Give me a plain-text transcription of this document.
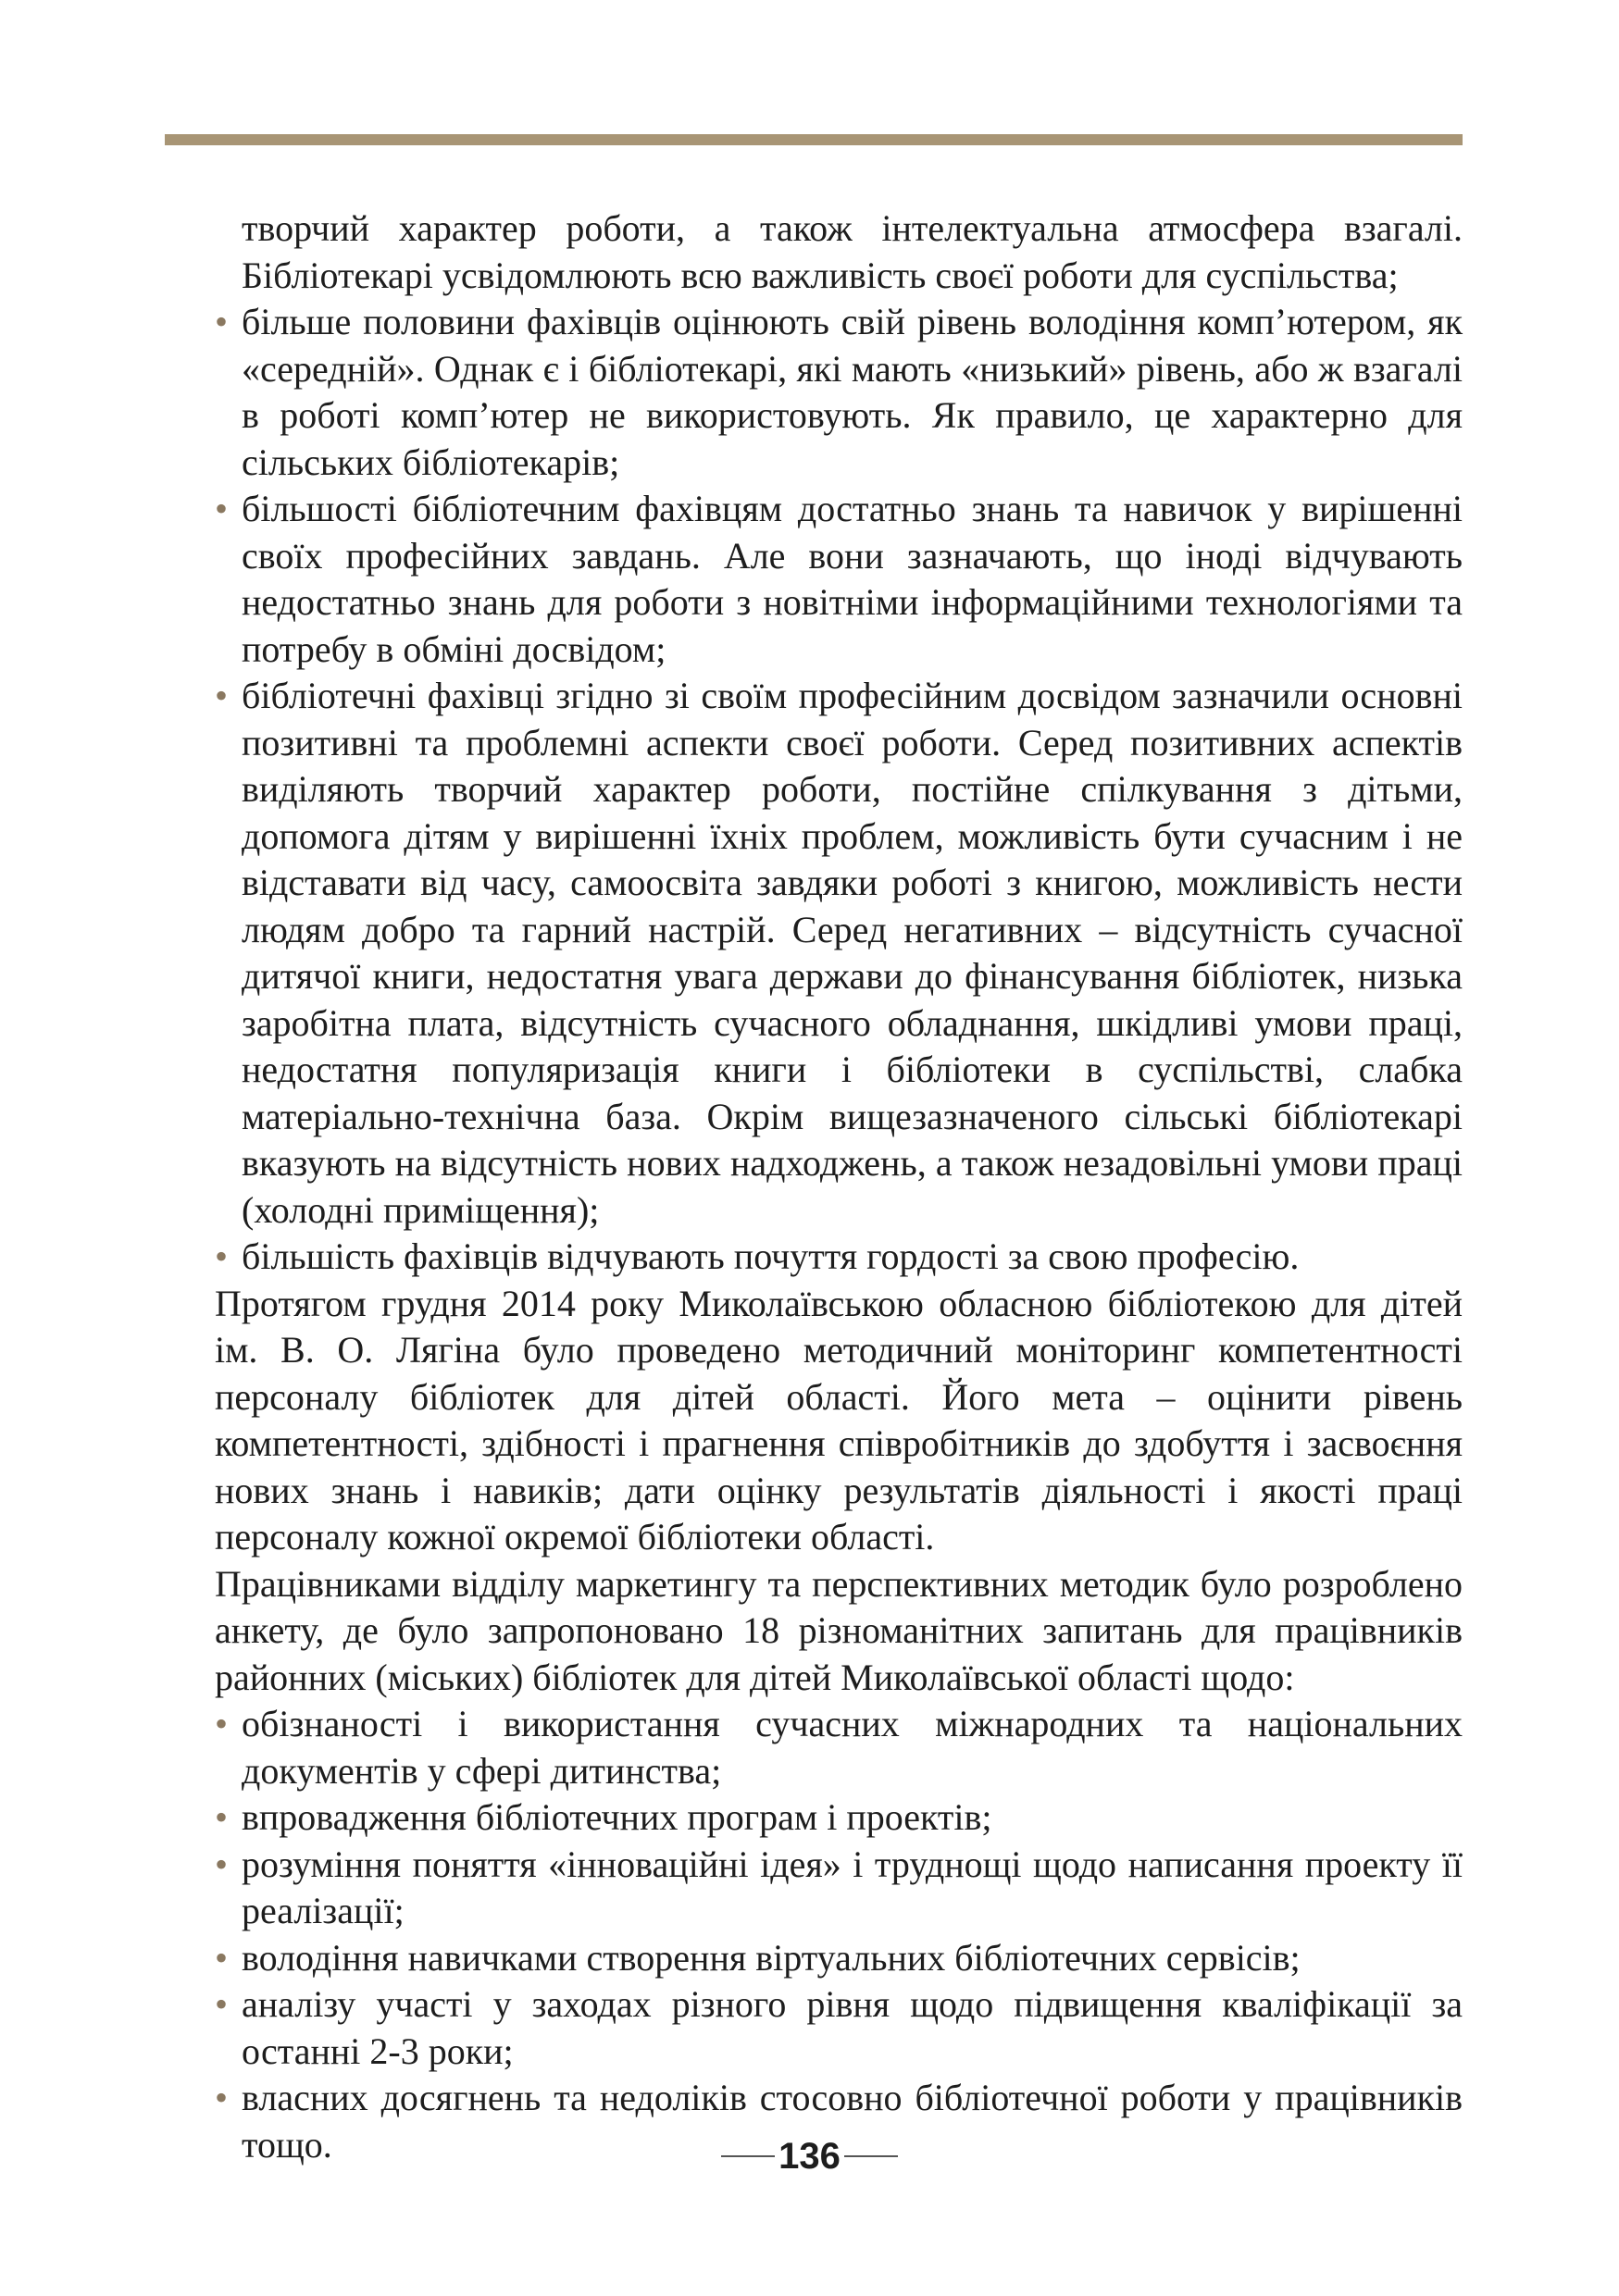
творчий характер роботи, а також інтелектуальна атмосфера взагалі. Бібліотекарі усвідомлюють всю важливість своєї роботи для суспільства;

• більше половини фахівців оцінюють свій рівень володіння комп’ютером, як «середній». Однак є і бібліотекарі, які мають «низький» рівень, або ж взагалі в роботі комп’ютер не використовують. Як правило, це характерно для сільських бібліотекарів;
• більшості бібліотечним фахівцям достатньо знань та навичок у вирішенні своїх професійних завдань. Але вони зазначають, що іноді відчувають недостатньо знань для роботи з новітніми інформаційними технологіями та потребу в обміні досвідом;
• бібліотечні фахівці згідно зі своїм професійним досвідом зазначили основні позитивні та проблемні аспекти своєї роботи. Серед позитивних аспектів виділяють творчий характер роботи, постійне спілкування з дітьми, допомога дітям у вирішенні їхніх проблем, можливість бути сучасним і не відставати від часу, самоосвіта завдяки роботі з книгою, можливість нести людям добро та гарний настрій. Серед негативних – відсутність сучасної дитячої книги, недостатня увага держави до фінансування бібліотек, низька заробітна плата, відсутність сучасного обладнання, шкідливі умови праці, недостатня популяризація книги і бібліотеки в суспільстві, слабка матеріально-технічна база. Окрім вищезазначеного сільські бібліотекарі вказують на відсутність нових надходжень, а також незадовільні умови праці (холодні приміщення);
• більшість фахівців відчувають почуття гордості за свою професію.

Протягом грудня 2014 року Миколаївською обласною бібліотекою для дітей ім. В. О. Лягіна було проведено методичний моніторинг компетентності персоналу бібліотек для дітей області. Його мета – оцінити рівень компетентності, здібності і прагнення співробітників до здобуття і засвоєння нових знань і навиків; дати оцінку результатів діяльності і якості праці персоналу кожної окремої бібліотеки області.

Працівниками відділу маркетингу та перспективних методик було розроблено анкету, де було запропоновано 18 різноманітних запитань для працівників районних (міських) бібліотек для дітей Миколаївської області щодо:

• обізнаності і використання сучасних міжнародних та національних документів у сфері дитинства;
• впровадження бібліотечних програм і проектів;
• розуміння поняття «інноваційні ідея» і труднощі щодо написання проекту її реалізації;
• володіння навичками створення віртуальних бібліотечних сервісів;
• аналізу участі у заходах різного рівня щодо підвищення кваліфікації за останні 2-3 роки;
• власних досягнень та недоліків стосовно бібліотечної роботи у працівників тощо.	136
